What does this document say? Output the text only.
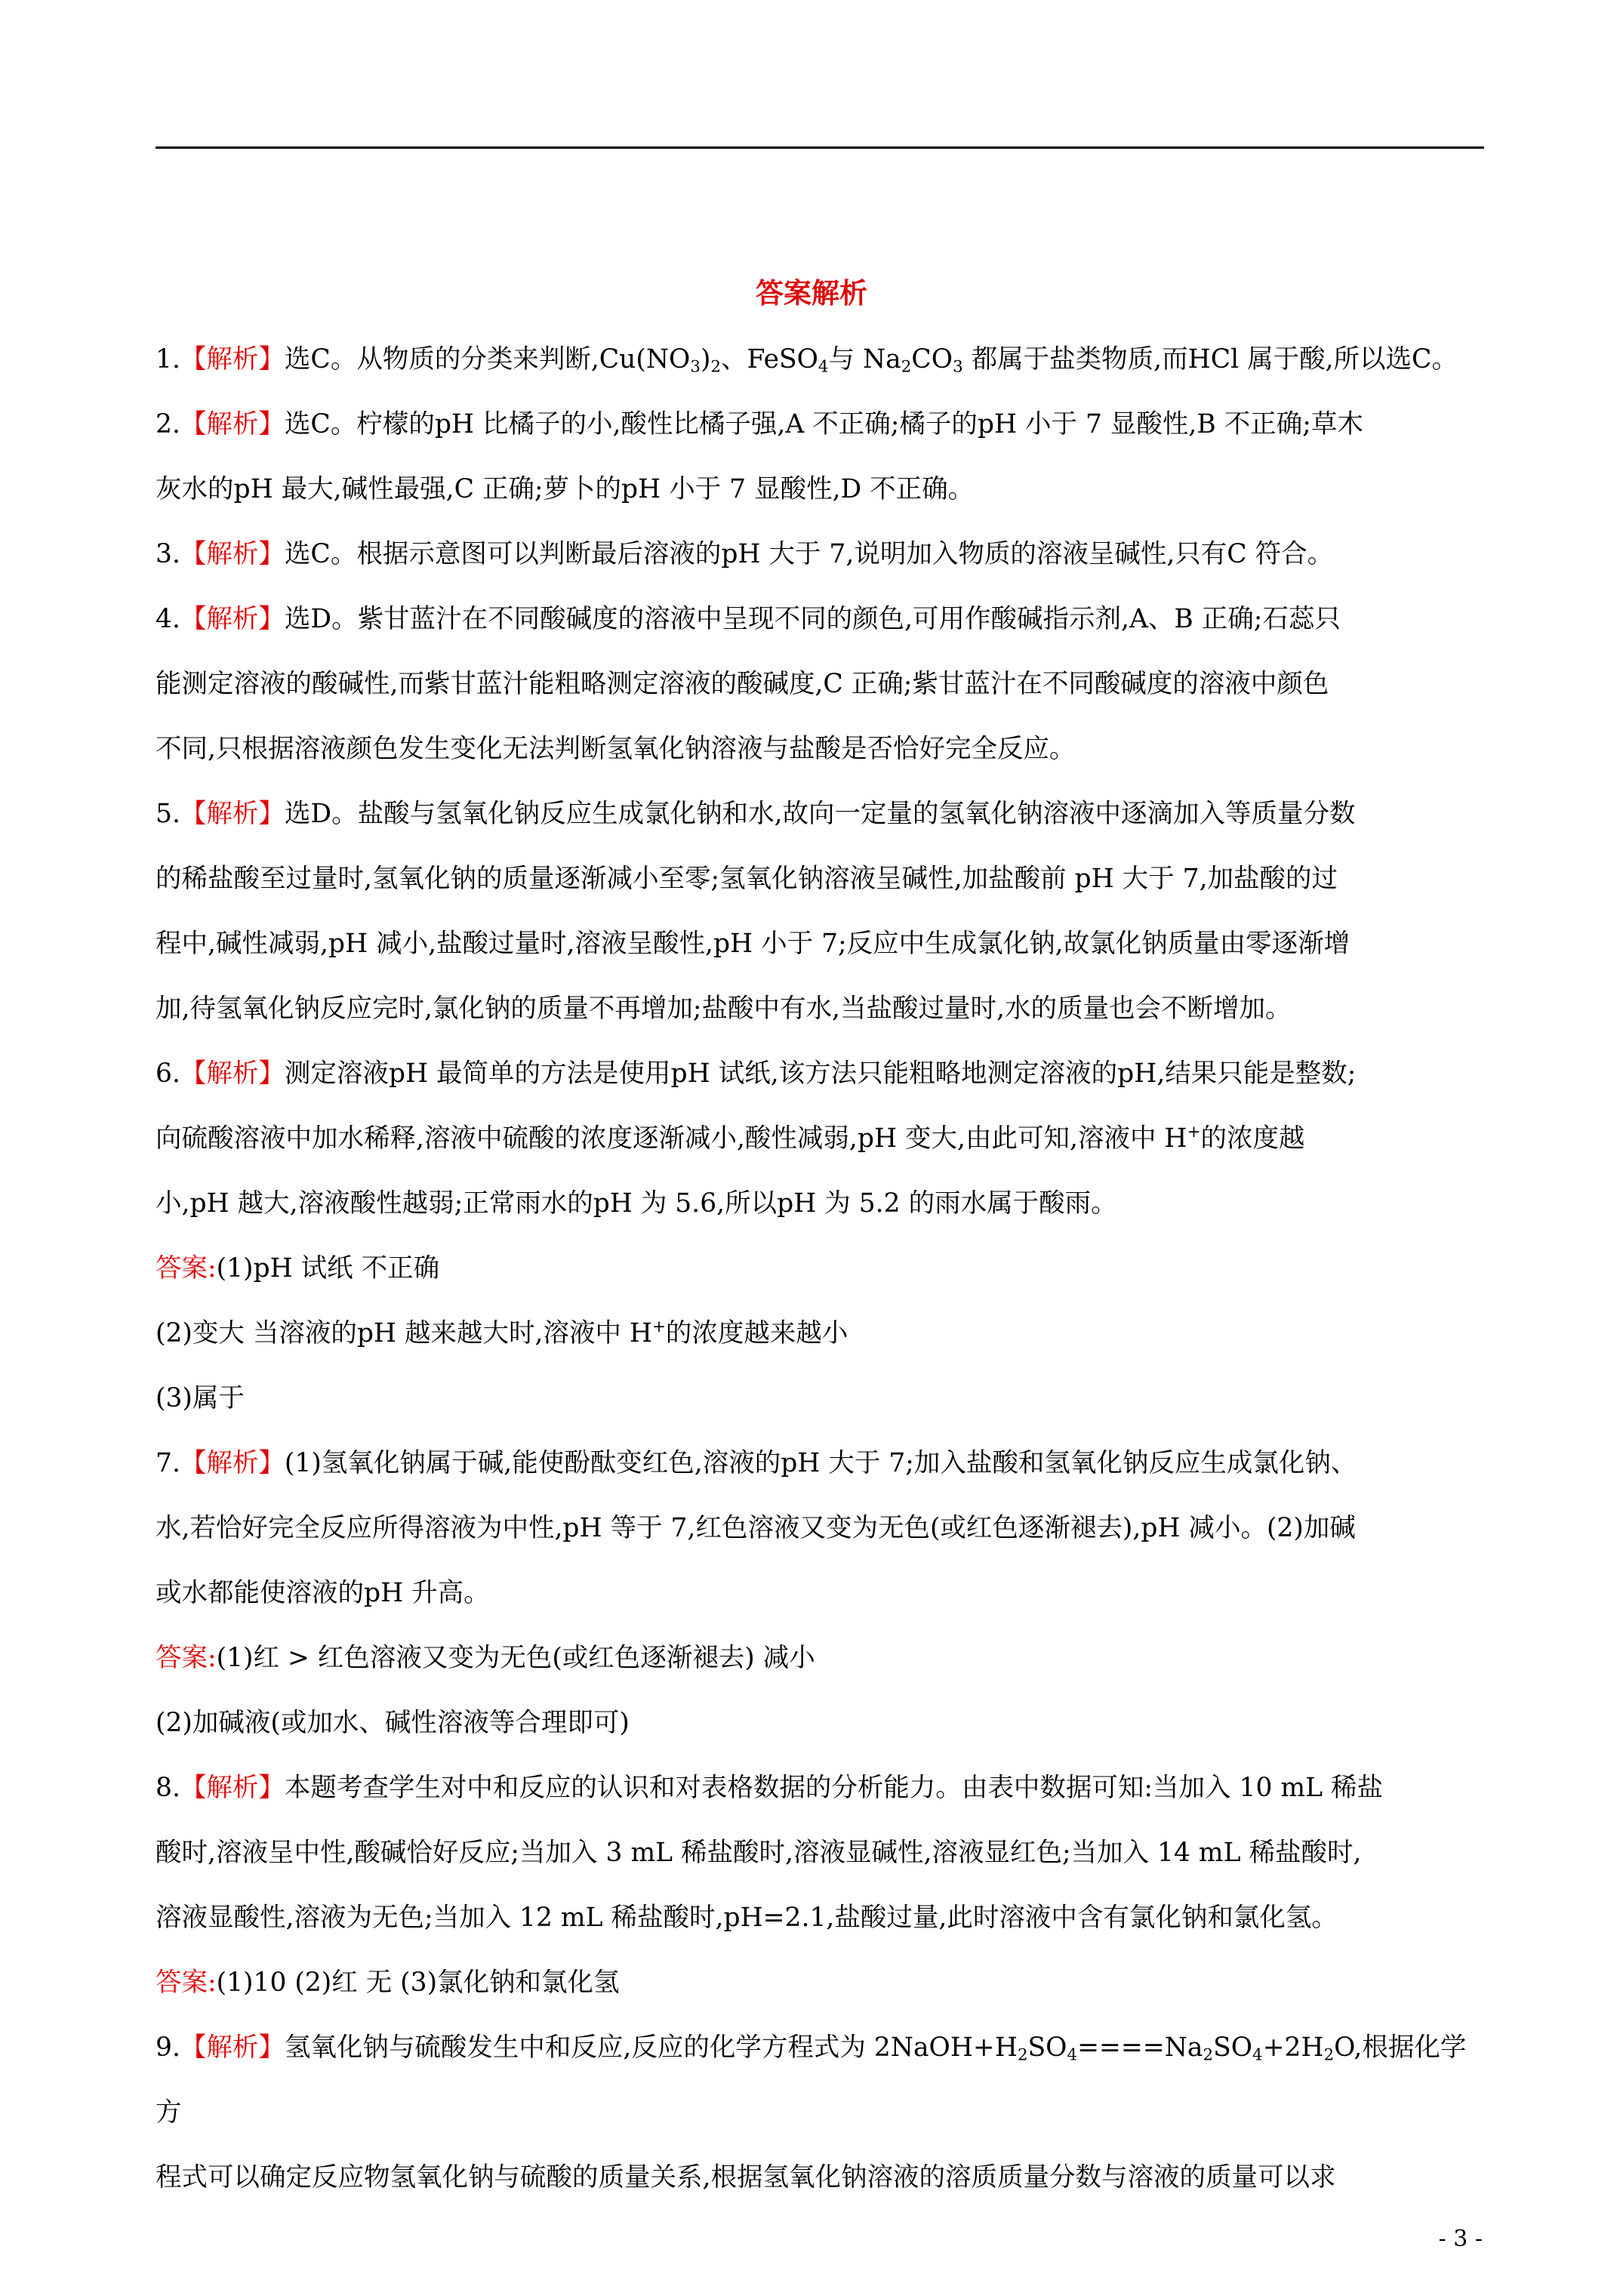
答案解析
1.【解析】选C。从物质的分类来判断$,Cu(NO_3)_2$、FeSO$_4$与 $Na_2CO_3$ 都属于盐类物质,而HCl 属于酸,所以选C。
2.【解析】选C。柠檬的pH 比橘子的小,酸性比橘子强,A 不正确;橘子的pH 小于 7 显酸性,B 不正确;草木
灰水的pH 最大,碱性最强,C 正确;萝卜的pH 小于 7 显酸性,D 不正确。
3.【解析】选C。根据示意图可以判断最后溶液的pH 大于 7,说明加入物质的溶液呈碱性,只有C 符合。
4.【解析】选D。紫甘蓝汁在不同酸碱度的溶液中呈现不同的颜色,可用作酸碱指示剂,A、B 正确;石蕊只
能测定溶液的酸碱性,而紫甘蓝汁能粗略测定溶液的酸碱度,C 正确;紫甘蓝汁在不同酸碱度的溶液中颜色
不同,只根据溶液颜色发生变化无法判断氢氧化钠溶液与盐酸是否恰好完全反应。
5.【解析】选D。盐酸与氢氧化钠反应生成氯化钠和水,故向一定量的氢氧化钠溶液中逐滴加入等质量分数
的稀盐酸至过量时,氢氧化钠的质量逐渐减小至零;氢氧化钠溶液呈碱性,加盐酸前 pH 大于 7,加盐酸的过
程中,碱性减弱,pH 减小,盐酸过量时,溶液呈酸性,pH 小于 7;反应中生成氯化钠,故氯化钠质量由零逐渐增
加,待氢氧化钠反应完时,氯化钠的质量不再增加;盐酸中有水,当盐酸过量时,水的质量也会不断增加。
6.【解析】测定溶液pH 最简单的方法是使用pH 试纸,该方法只能粗略地测定溶液的pH,结果只能是整数;
向硫酸溶液中加水稀释,溶液中硫酸的浓度逐渐减小,酸性减弱,pH 变大,由此可知,溶液中 H+的浓度越
小,pH 越大,溶液酸性越弱;正常雨水的pH 为 5.6,所以pH 为 5.2 的雨水属于酸雨。
答案:(1)pH 试纸 不正确
(2)变大 当溶液的pH 越来越大时,溶液中 H+的浓度越来越小
(3)属于
7.【解析】(1)氢氧化钠属于碱,能使酚酞变红色,溶液的pH 大于 7;加入盐酸和氢氧化钠反应生成氯化钠、
水,若恰好完全反应所得溶液为中性,pH 等于 7,红色溶液又变为无色(或红色逐渐褪去),pH 减小。(2)加碱
或水都能使溶液的pH 升高。
答案:(1)红 > 红色溶液又变为无色(或红色逐渐褪去) 减小
(2)加碱液(或加水、碱性溶液等合理即可)
8.【解析】本题考查学生对中和反应的认识和对表格数据的分析能力。由表中数据可知:当加入 10 mL 稀盐
酸时,溶液呈中性,酸碱恰好反应;当加入 3 mL 稀盐酸时,溶液显碱性,溶液显红色;当加入 14 mL 稀盐酸时,
溶液显酸性,溶液为无色;当加入 12 mL 稀盐酸时,pH=2.1,盐酸过量,此时溶液中含有氯化钠和氯化氢。
答案:(1)10 (2)红 无 (3)氯化钠和氯化氢
9.【解析】氢氧化钠与硫酸发生中和反应,反应的化学方程式为 $2NaOH+H_2SO_4====Na_2SO_4+2H_2O$,根据化学方
程式可以确定反应物氢氧化钠与硫酸的质量关系,根据氢氧化钠溶液的溶质质量分数与溶液的质量可以求
- 3 -
